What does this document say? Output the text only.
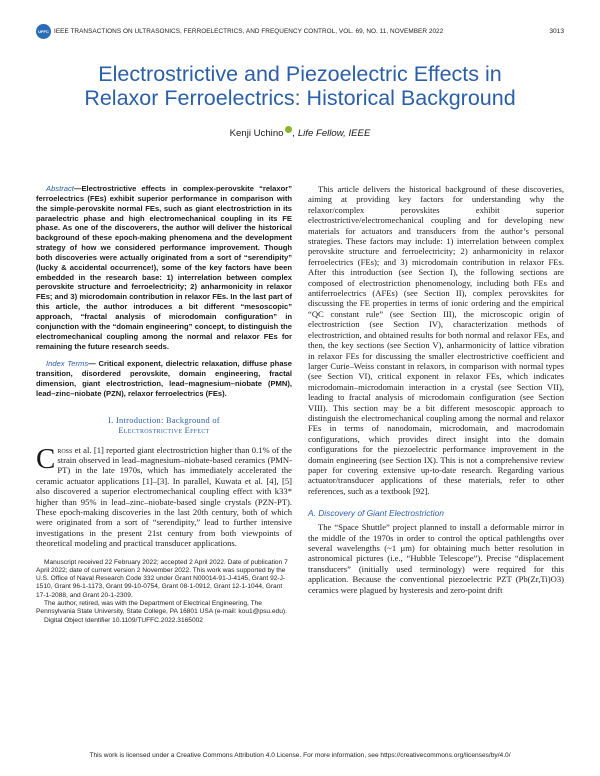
UFFC IEEE TRANSACTIONS ON ULTRASONICS, FERROELECTRICS, AND FREQUENCY CONTROL, VOL. 69, NO. 11, NOVEMBER 2022	3013
Electrostrictive and Piezoelectric Effects in
Relaxor Ferroelectrics: Historical Background
Kenji Uchino , Life Fellow, IEEE
Abstract—Electrostrictive effects in complex-perovskite “relaxor” ferroelectrics (FEs) exhibit superior performance in comparison with the simple-perovskite normal FEs, such as giant electrostriction in its paraelectric phase and high electromechanical coupling in its FE phase. As one of the discoverers, the author will deliver the historical background of these epoch-making phenomena and the development strategy of how we considered performance improvement. Though both discoveries were actually originated from a sort of “serendipity” (lucky & accidental occurrence!), some of the key factors have been embedded in the research base: 1) interrelation between complex perovskite structure and ferroelectricity; 2) anharmonicity in relaxor FEs; and 3) microdomain contribution in relaxor FEs. In the last part of this article, the author introduces a bit different “mesoscopic” approach, “fractal analysis of microdomain configuration” in conjunction with the “domain engineering” concept, to distinguish the electromechanical coupling among the normal and relaxor FEs for remaining the future research seeds.
Index Terms— Critical exponent, dielectric relaxation, diffuse phase transition, disordered perovskite, domain engineering, fractal dimension, giant electrostriction, lead–magnesium–niobate (PMN), lead–zinc–niobate (PZN), relaxor ferroelectrics (FEs).
I. Introduction: Background of
Electrostrictive Effect
Cross et al. [1] reported giant electrostriction higher than 0.1% of the strain observed in lead–magnesium–niobate-based ceramics (PMN-PT) in the late 1970s, which has immediately accelerated the ceramic actuator applications [1]–[3]. In parallel, Kuwata et al. [4], [5] also discovered a superior electromechanical coupling effect with k33* higher than 95% in lead–zinc–niobate-based single crystals (PZN-PT). These epoch-making discoveries in the last 20th century, both of which were originated from a sort of “serendipity,” lead to further intensive investigations in the present 21st century from both viewpoints of theoretical modeling and practical transducer applications.

Manuscript received 22 February 2022; accepted 2 April 2022. Date of publication 7 April 2022; date of current version 2 November 2022. This work was supported by the U.S. Office of Naval Research Code 332 under Grant N00014-91-J-4145, Grant 92-J-1510, Grant 96-1-1173, Grant 99-10-0754, Grant 08-1-0912, Grant 12-1-1044, Grant 17-1-2088, and Grant 20-1-2309.

The author, retired, was with the Department of Electrical Engineering, The Pennsylvania State University, State College, PA 16801 USA (e-mail: kou1@psu.edu).

Digital Object Identifier 10.1109/TUFFC.2022.3165002

This article delivers the historical background of these discoveries, aiming at providing key factors for understanding why the relaxor/complex perovskites exhibit superior electrostrictive/electromechanical coupling and for developing new materials for actuators and transducers from the author’s personal strategies. These factors may include: 1) interrelation between complex perovskite structure and ferroelectricity; 2) anharmonicity in relaxor ferroelectrics (FEs); and 3) microdomain contribution in relaxor FEs. After this introduction (see Section I), the following sections are composed of electrostriction phenomenology, including both FEs and antiferroelectrics (AFEs) (see Section II), complex perovskites for discussing the FE properties in terms of ionic ordering and the empirical “QC constant rule” (see Section III), the microscopic origin of electrostriction (see Section IV), characterization methods of electrostriction, and obtained results for both normal and relaxor FEs, and then, the key sections (see Section V), anharmonicity of lattice vibration in relaxor FEs for discussing the smaller electrostrictive coefficient and larger Curie–Weiss constant in relaxors, in comparison with normal types (see Section VI), critical exponent in relaxor FEs, which indicates microdomain–microdomain interaction in a crystal (see Section VII), leading to fractal analysis of microdomain configuration (see Section VIII). This section may be a bit different mesoscopic approach to distinguish the electromechanical coupling among the normal and relaxor FEs in terms of nanodomain, microdomain, and macrodomain configurations, which provides direct insight into the domain configurations for the piezoelectric performance improvement in the domain engineering (see Section IX). This is not a comprehensive review paper for covering extensive up-to-date research. Regarding various actuator/transducer applications of these materials, refer to other references, such as a textbook [92].
A. Discovery of Giant Electrostriction
The “Space Shuttle” project planned to install a deformable mirror in the middle of the 1970s in order to control the optical pathlengths over several wavelengths (~1 μm) for obtaining much better resolution in astronomical pictures (i.e., “Hubble Telescope”). Precise “displacement transducers” (initially used terminology) were required for this application. Because the conventional piezoelectric PZT (Pb(Zr,Ti)O3) ceramics were plagued by hysteresis and zero-point drift
This work is licensed under a Creative Commons Attribution 4.0 License. For more information, see https://creativecommons.org/licenses/by/4.0/
